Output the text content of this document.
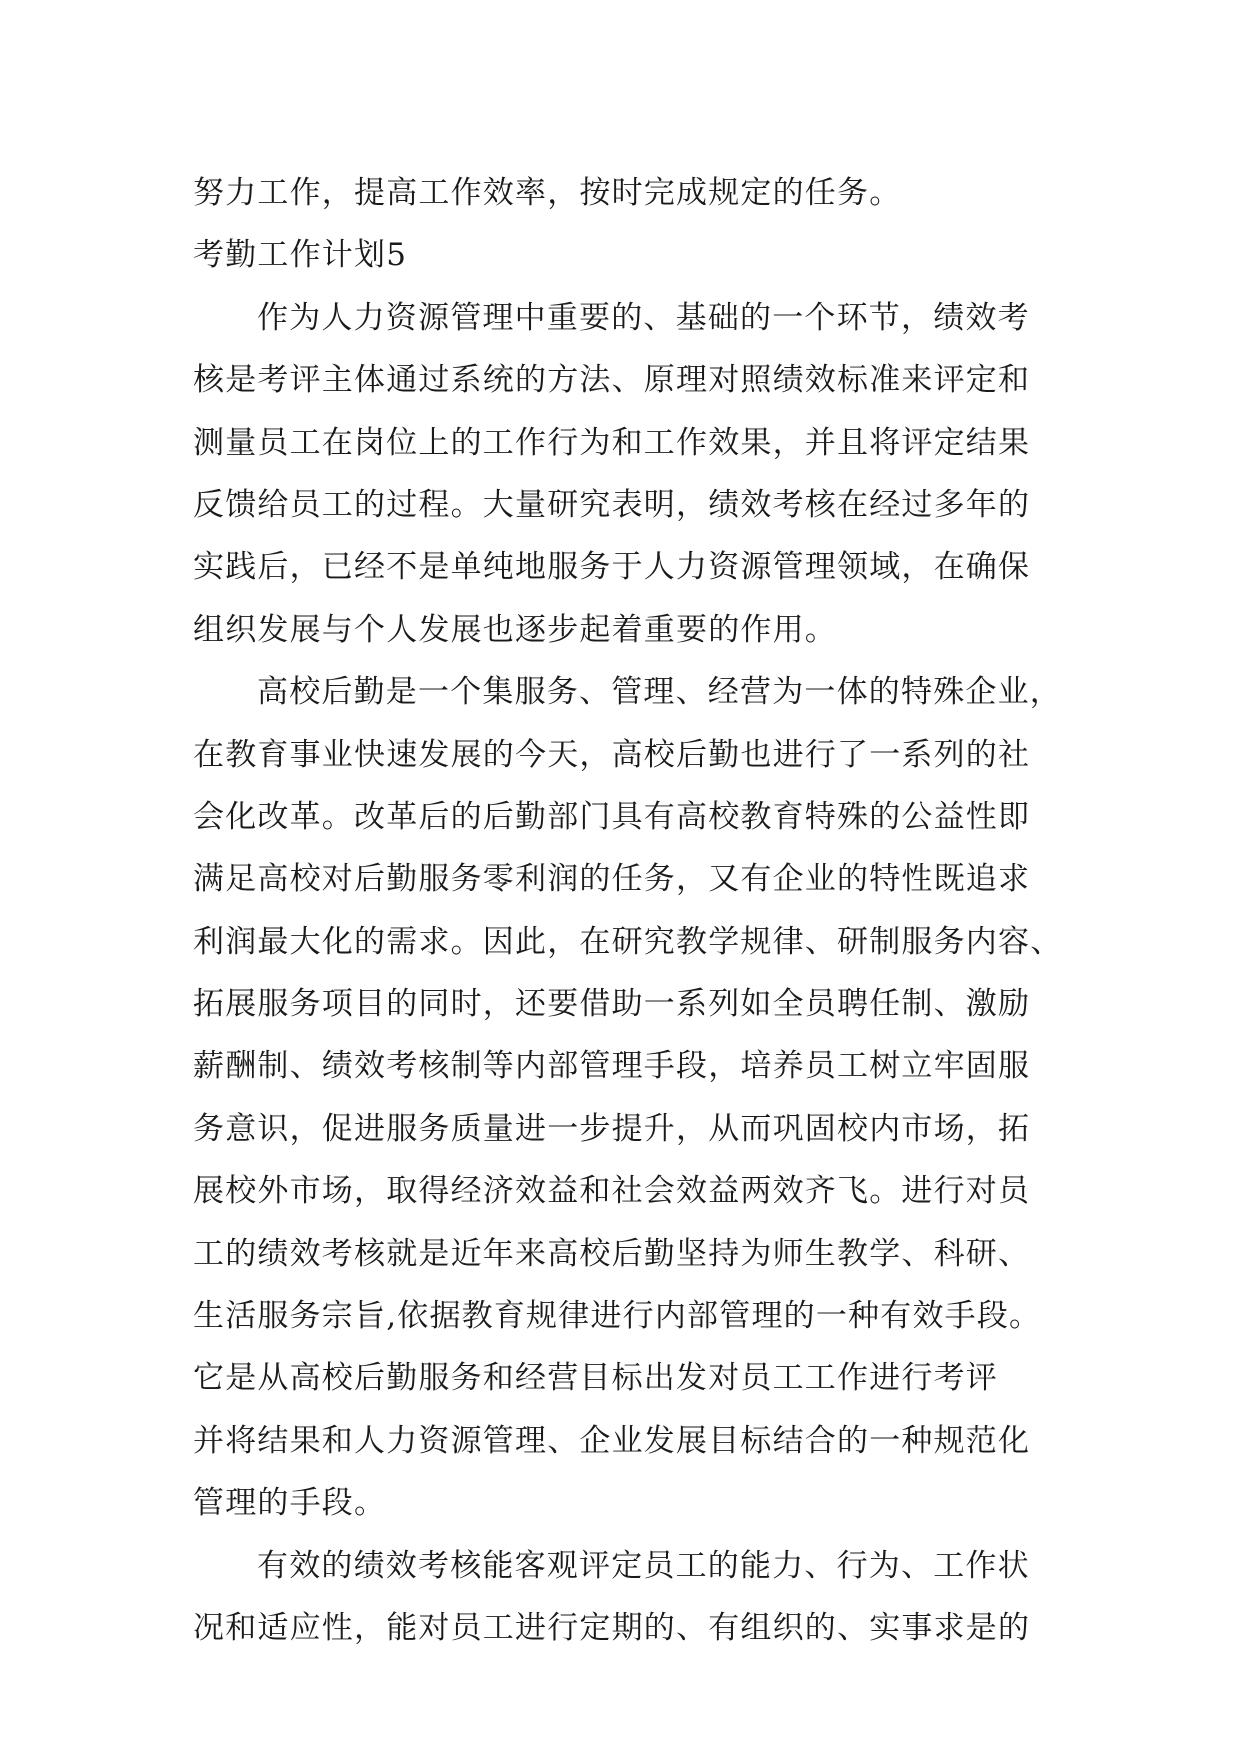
努力工作，提高工作效率，按时完成规定的任务。
考勤工作计划5
作为人力资源管理中重要的、基础的一个环节，绩效考
核是考评主体通过系统的方法、原理对照绩效标准来评定和
测量员工在岗位上的工作行为和工作效果，并且将评定结果
反馈给员工的过程。大量研究表明，绩效考核在经过多年的
实践后，已经不是单纯地服务于人力资源管理领域，在确保
组织发展与个人发展也逐步起着重要的作用。
高校后勤是一个集服务、管理、经营为一体的特殊企业，
在教育事业快速发展的今天，高校后勤也进行了一系列的社
会化改革。改革后的后勤部门具有高校教育特殊的公益性即
满足高校对后勤服务零利润的任务，又有企业的特性既追求
利润最大化的需求。因此，在研究教学规律、研制服务内容、
拓展服务项目的同时，还要借助一系列如全员聘任制、激励
薪酬制、绩效考核制等内部管理手段，培养员工树立牢固服
务意识，促进服务质量进一步提升，从而巩固校内市场，拓
展校外市场，取得经济效益和社会效益两效齐飞。进行对员
工的绩效考核就是近年来高校后勤坚持为师生教学、科研、
生活服务宗旨,依据教育规律进行内部管理的一种有效手段。
它是从高校后勤服务和经营目标出发对员工工作进行考评
并将结果和人力资源管理、企业发展目标结合的一种规范化
管理的手段。
有效的绩效考核能客观评定员工的能力、行为、工作状
况和适应性，能对员工进行定期的、有组织的、实事求是的
